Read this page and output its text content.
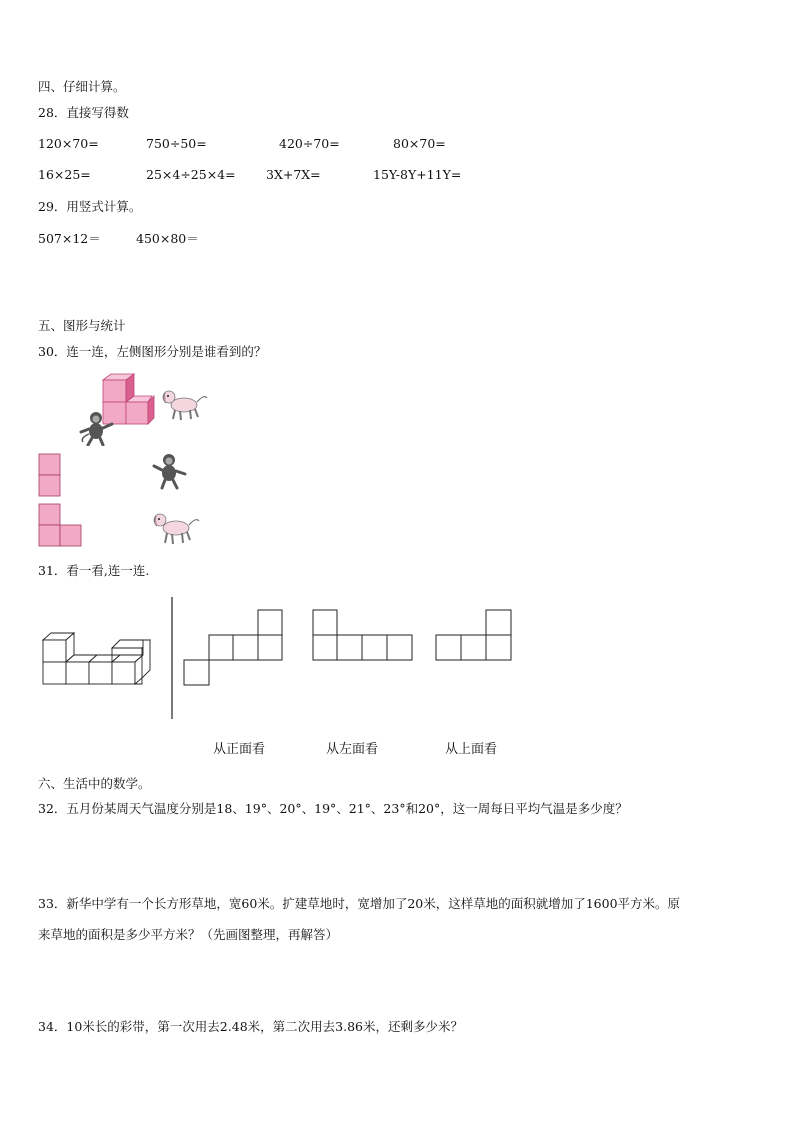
四、仔细计算。
28．直接写得数
120×70=	750÷50=	420÷70=	80×70=
16×25=	25×4÷25×4= 3X+7X=	15Y-8Y+11Y=
29．用竖式计算。
507×12＝	450×80＝
五、图形与统计
30．连一连，左侧图形分别是谁看到的？
31．看一看,连一连.
从正面看	从左面看	从上面看
六、生活中的数学。
32．五月份某周天气温度分别是18、19°、20°、19°、21°、23°和20°，这一周每日平均气温是多少度？
33．新华中学有一个长方形草地，宽60米。扩建草地时，宽增加了20米，这样草地的面积就增加了1600平方米。原
来草地的面积是多少平方米？（先画图整理，再解答）
34．10米长的彩带，第一次用去2.48米，第二次用去3.86米，还剩多少米？
